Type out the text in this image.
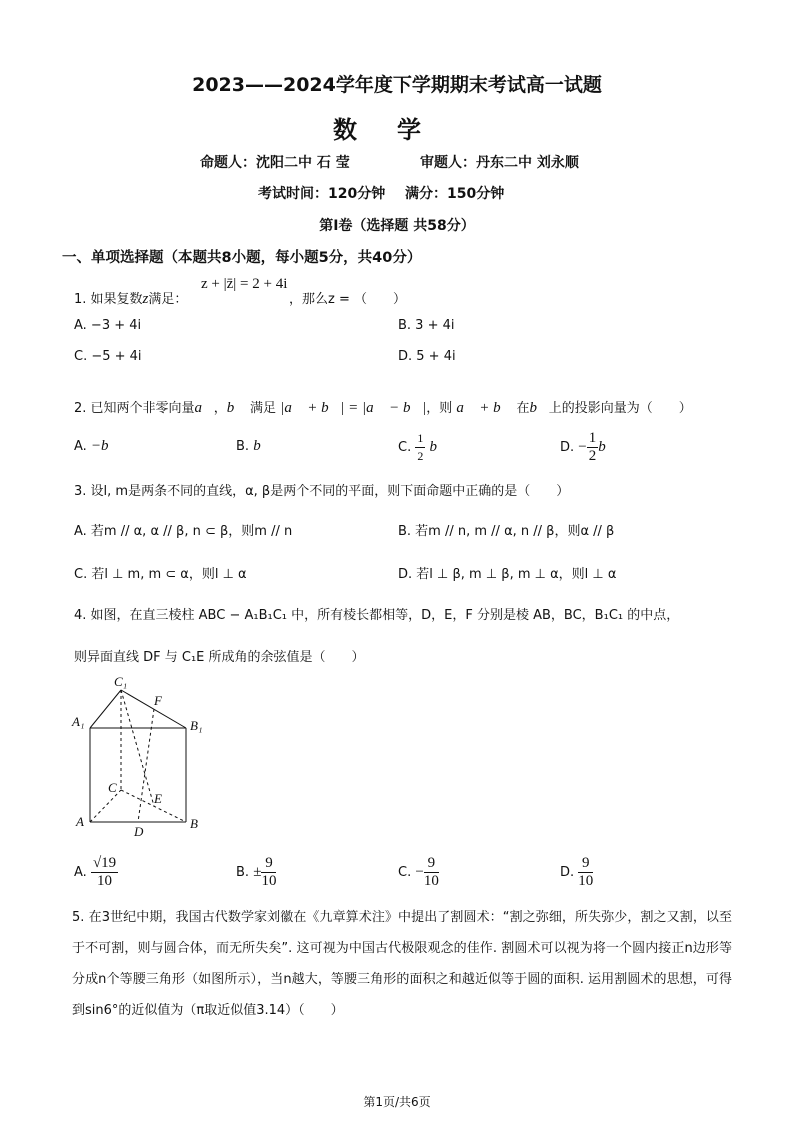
2023——2024学年度下学期期末考试高一试题
数学
命题人：沈阳二中 石 莹	审题人：丹东二中 刘永顺
考试时间：120分钟 满分：150分钟
第I卷（选择题 共58分）
一、单项选择题（本题共8小题，每小题5分，共40分）
1. 如果复数z满足：
z + |z̄| = 2 + 4i
，那么z = （　　）
A. −3 + 4i	B. 3 + 4i
C. −5 + 4i	D. 5 + 4i
2. 已知两个非零向量a⃗，b⃗ 满足 |a⃗ + b⃗| = |a⃗ − b⃗|，则 a⃗ + b⃗ 在b⃗上的投影向量为（　　）
A. −b⃗	B. b⃗	C. $\frac{1}{2}$ b⃗	D. − $\frac{1}{2}$ b⃗
3. 设l, m是两条不同的直线，α, β是两个不同的平面，则下面命题中正确的是（　　）
A. 若m // α, α // β, n ⊂ β，则m // n	B. 若m // n, m // α, n // β，则α // β
C. 若l ⊥ m, m ⊂ α，则l ⊥ α	D. 若l ⊥ β, m ⊥ β, m ⊥ α，则l ⊥ α
4. 如图，在直三棱柱 ABC − A₁B₁C₁ 中，所有棱长都相等，D，E，F 分别是棱 AB，BC，B₁C₁ 的中点，
则异面直线 DF 与 C₁E 所成角的余弦值是（　　）
C₁
F
A₁	B₁
C
E
A
D
B
A. $\frac{√19}{10}$	B. ± $\frac{9}{10}$	C. − $\frac{9}{10}$	D. $\frac{9}{10}$
5. 在3世纪中期，我国古代数学家刘徽在《九章算术注》中提出了割圆术：“割之弥细，所失弥少，割之又割，以至于不可割，则与圆合体，而无所失矣”. 这可视为中国古代极限观念的佳作. 割圆术可以视为将一个圆内接正n边形等分成n个等腰三角形（如图所示），当n越大，等腰三角形的面积之和越近似等于圆的面积. 运用割圆术的思想，可得到sin6°的近似值为（π取近似值3.14）（　　）
第1页/共6页
